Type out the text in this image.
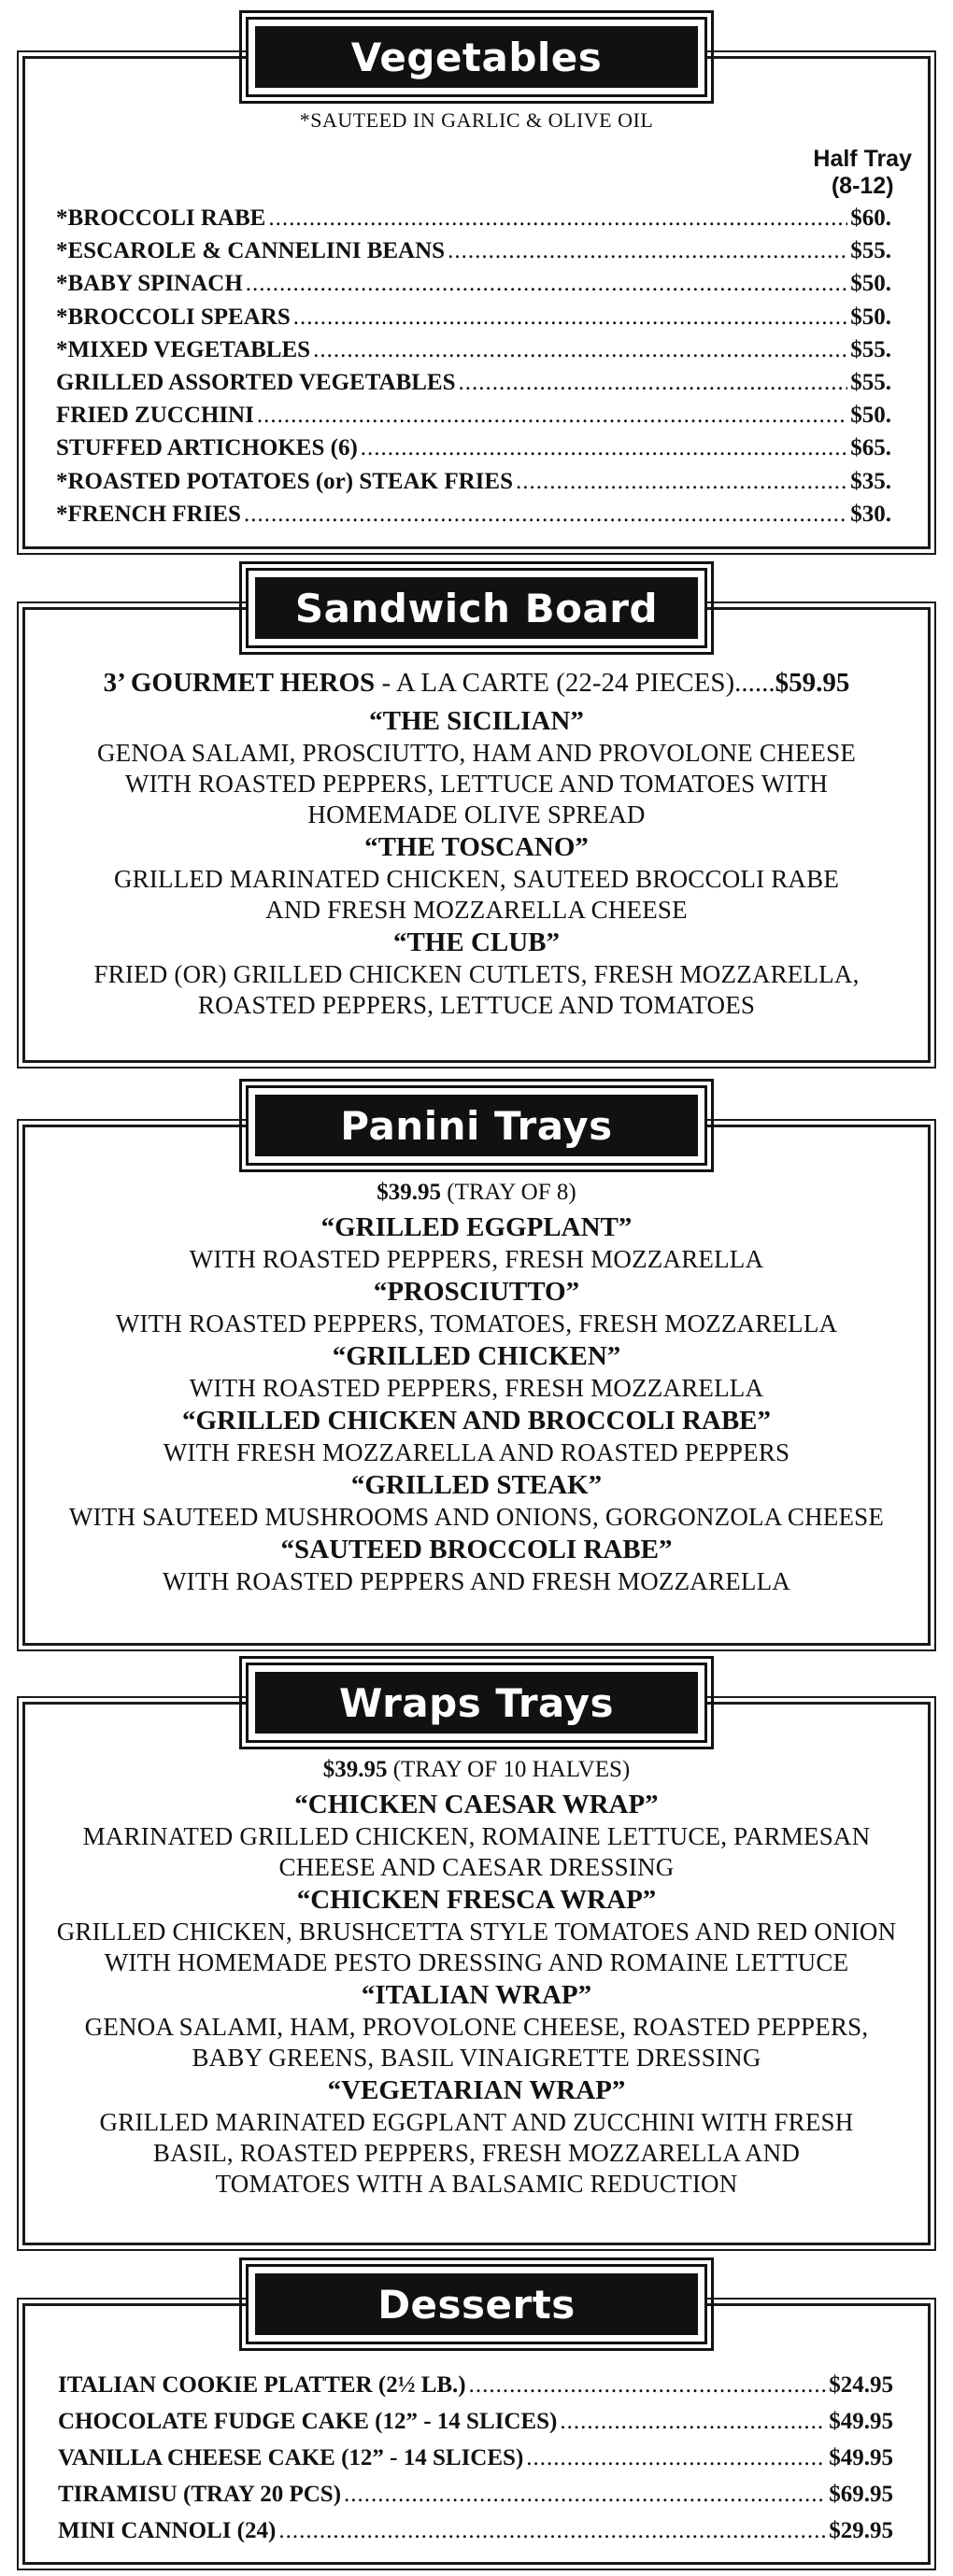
Vegetables
*SAUTEED IN GARLIC & OLIVE OIL
Half Tray
(8-12)
*BROCCOLI RABE .....	$60.
*ESCAROLE & CANNELINI BEANS .....	$55.
*BABY SPINACH .....	$50.
*BROCCOLI SPEARS .....	$50.
*MIXED VEGETABLES .....	$55.
GRILLED ASSORTED VEGETABLES .....	$55.
FRIED ZUCCHINI .....	$50.
STUFFED ARTICHOKES (6) .....	$65.
*ROASTED POTATOES (or) STEAK FRIES .....	$35.
*FRENCH FRIES .....	$30.
Sandwich Board
3’ GOURMET HEROS - A LA CARTE (22-24 PIECES)......$59.95
“THE SICILIAN”
GENOA SALAMI, PROSCIUTTO, HAM AND PROVOLONE CHEESE
WITH ROASTED PEPPERS, LETTUCE AND TOMATOES WITH
HOMEMADE OLIVE SPREAD
“THE TOSCANO”
GRILLED MARINATED CHICKEN, SAUTEED BROCCOLI RABE
AND FRESH MOZZARELLA CHEESE
“THE CLUB”
FRIED (OR) GRILLED CHICKEN CUTLETS, FRESH MOZZARELLA,
ROASTED PEPPERS, LETTUCE AND TOMATOES
Panini Trays
$39.95 (TRAY OF 8)
“GRILLED EGGPLANT”
WITH ROASTED PEPPERS, FRESH MOZZARELLA
“PROSCIUTTO”
WITH ROASTED PEPPERS, TOMATOES, FRESH MOZZARELLA
“GRILLED CHICKEN”
WITH ROASTED PEPPERS, FRESH MOZZARELLA
“GRILLED CHICKEN AND BROCCOLI RABE”
WITH FRESH MOZZARELLA AND ROASTED PEPPERS
“GRILLED STEAK”
WITH SAUTEED MUSHROOMS AND ONIONS, GORGONZOLA CHEESE
“SAUTEED BROCCOLI RABE”
WITH ROASTED PEPPERS AND FRESH MOZZARELLA
Wraps Trays
$39.95 (TRAY OF 10 HALVES)
“CHICKEN CAESAR WRAP”
MARINATED GRILLED CHICKEN, ROMAINE LETTUCE, PARMESAN
CHEESE AND CAESAR DRESSING
“CHICKEN FRESCA WRAP”
GRILLED CHICKEN, BRUSHCETTA STYLE TOMATOES AND RED ONION
WITH HOMEMADE PESTO DRESSING AND ROMAINE LETTUCE
“ITALIAN WRAP”
GENOA SALAMI, HAM, PROVOLONE CHEESE, ROASTED PEPPERS,
BABY GREENS, BASIL VINAIGRETTE DRESSING
“VEGETARIAN WRAP”
GRILLED MARINATED EGGPLANT AND ZUCCHINI WITH FRESH
BASIL, ROASTED PEPPERS, FRESH MOZZARELLA AND
TOMATOES WITH A BALSAMIC REDUCTION
Desserts
ITALIAN COOKIE PLATTER (2½ LB.) .....	$24.95
CHOCOLATE FUDGE CAKE (12” - 14 SLICES) .....	$49.95
VANILLA CHEESE CAKE (12” - 14 SLICES) .....	$49.95
TIRAMISU (TRAY 20 PCS) .....	$69.95
MINI CANNOLI (24) .....	$29.95
